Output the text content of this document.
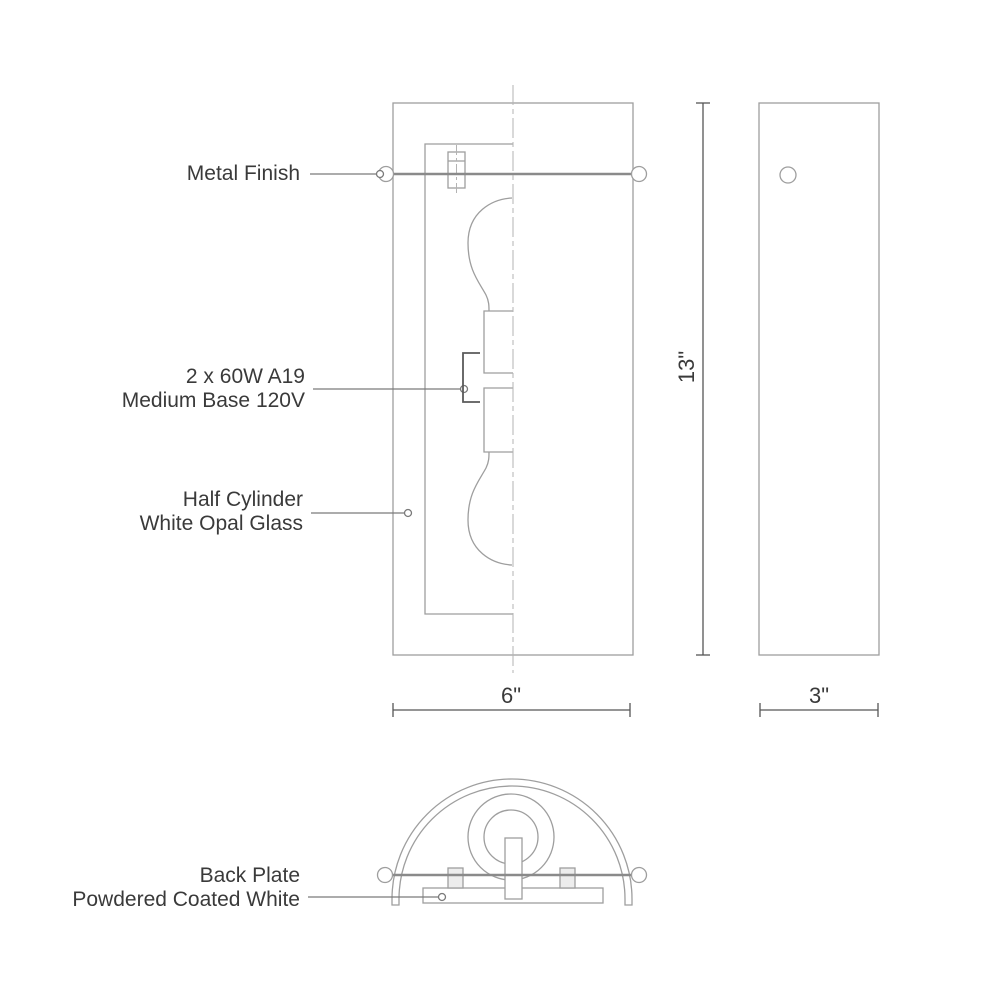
Metal Finish
2 x 60W A19
Medium Base 120V
Half Cylinder
White Opal Glass
Back Plate
Powdered Coated White
6"	3"
13"
